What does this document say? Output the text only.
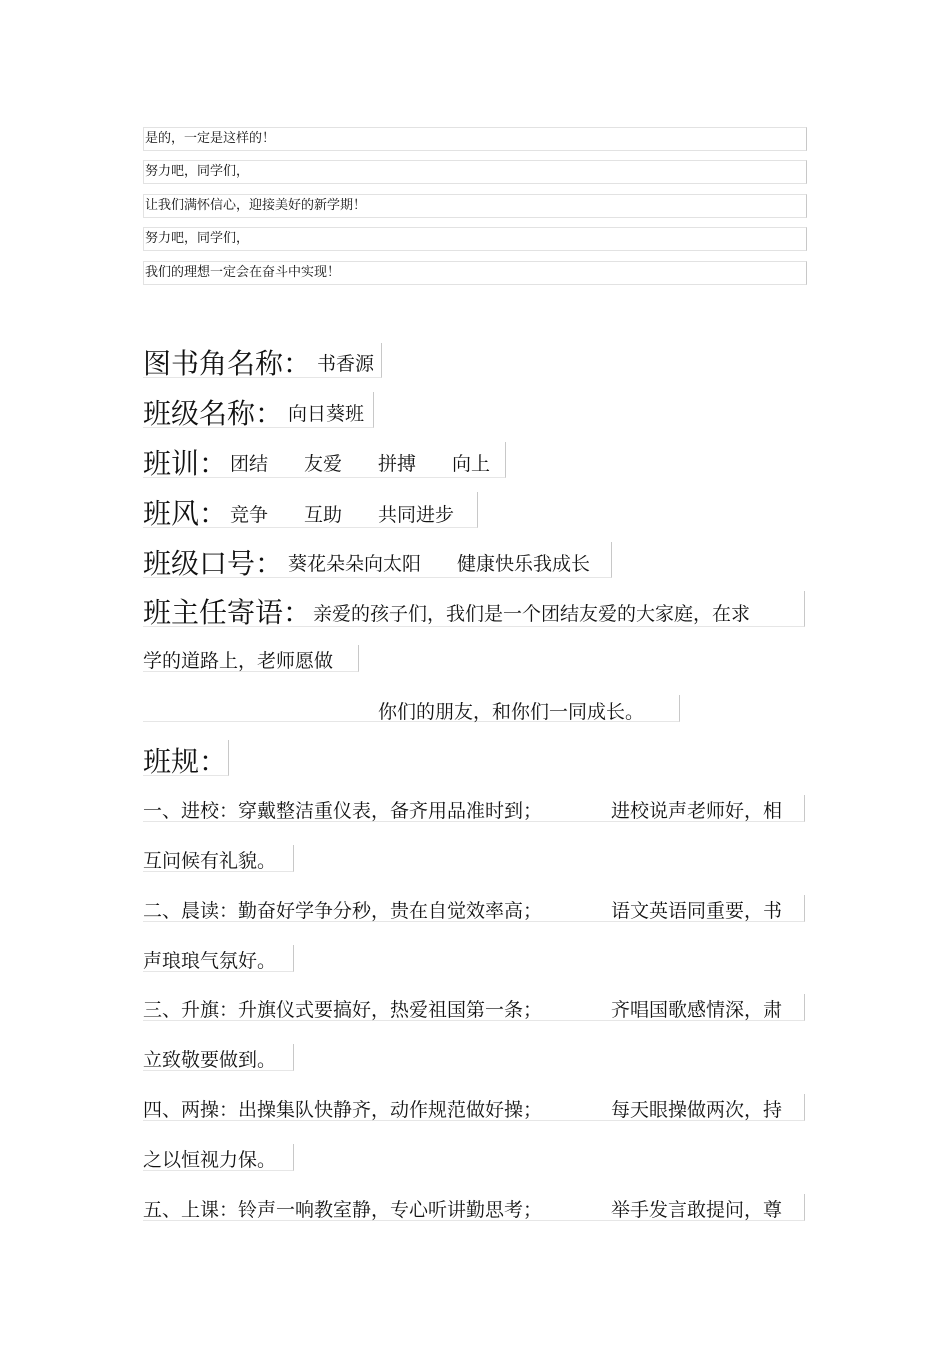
是的，一定是这样的！
努力吧，同学们，
让我们满怀信心，迎接美好的新学期！
努力吧，同学们，
我们的理想一定会在奋斗中实现！
图书角名称： 书香源
班级名称： 向日葵班
班训： 团结 友爱 拼搏 向上
班风： 竞争 互助 共同进步
班级口号： 葵花朵朵向太阳 健康快乐我成长
班主任寄语： 亲爱的孩子们，我们是一个团结友爱的大家庭，在求
学的道路上，老师愿做
你们的朋友，和你们一同成长。
班规：
一、进校：穿戴整洁重仪表，备齐用品准时到；	进校说声老师好，相
互问候有礼貌。
二、晨读：勤奋好学争分秒，贵在自觉效率高；	语文英语同重要，书
声琅琅气氛好。
三、升旗：升旗仪式要搞好，热爱祖国第一条；	齐唱国歌感情深，肃
立致敬要做到。
四、两操：出操集队快静齐，动作规范做好操；	每天眼操做两次，持
之以恒视力保。
五、上课：铃声一响教室静，专心听讲勤思考；	举手发言敢提问，尊
